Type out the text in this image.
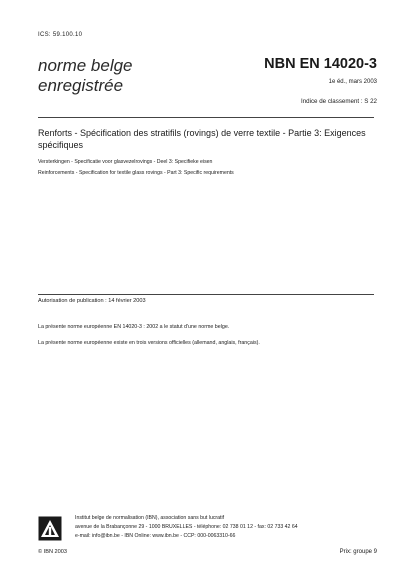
ICS: 59.100.10
norme belge
enregistrée
NBN EN 14020-3
1e éd., mars 2003
Indice de classement : S 22
Renforts - Spécification des stratifils (rovings) de verre textile - Partie 3: Exigences spécifiques
Versterkingen - Specificatie voor glasvezelrovings - Deel 3: Specifieke eisen
Reinforcements - Specification for textile glass rovings - Part 3: Specific requirements
Autorisation de publication : 14 février 2003
La présente norme européenne EN 14020-3 : 2002 a le statut d'une norme belge.
La présente norme européenne existe en trois versions officielles (allemand, anglais, français).
Institut belge de normalisation (IBN), association sans but lucratif
avenue de la Brabançonne 29 - 1000 BRUXELLES - téléphone: 02 738 01 12 - fax: 02 733 42 64
e-mail: info@ibn.be - IBN Online: www.ibn.be - CCP: 000-0063310-66
© IBN 2003	Prix: groupe 9
